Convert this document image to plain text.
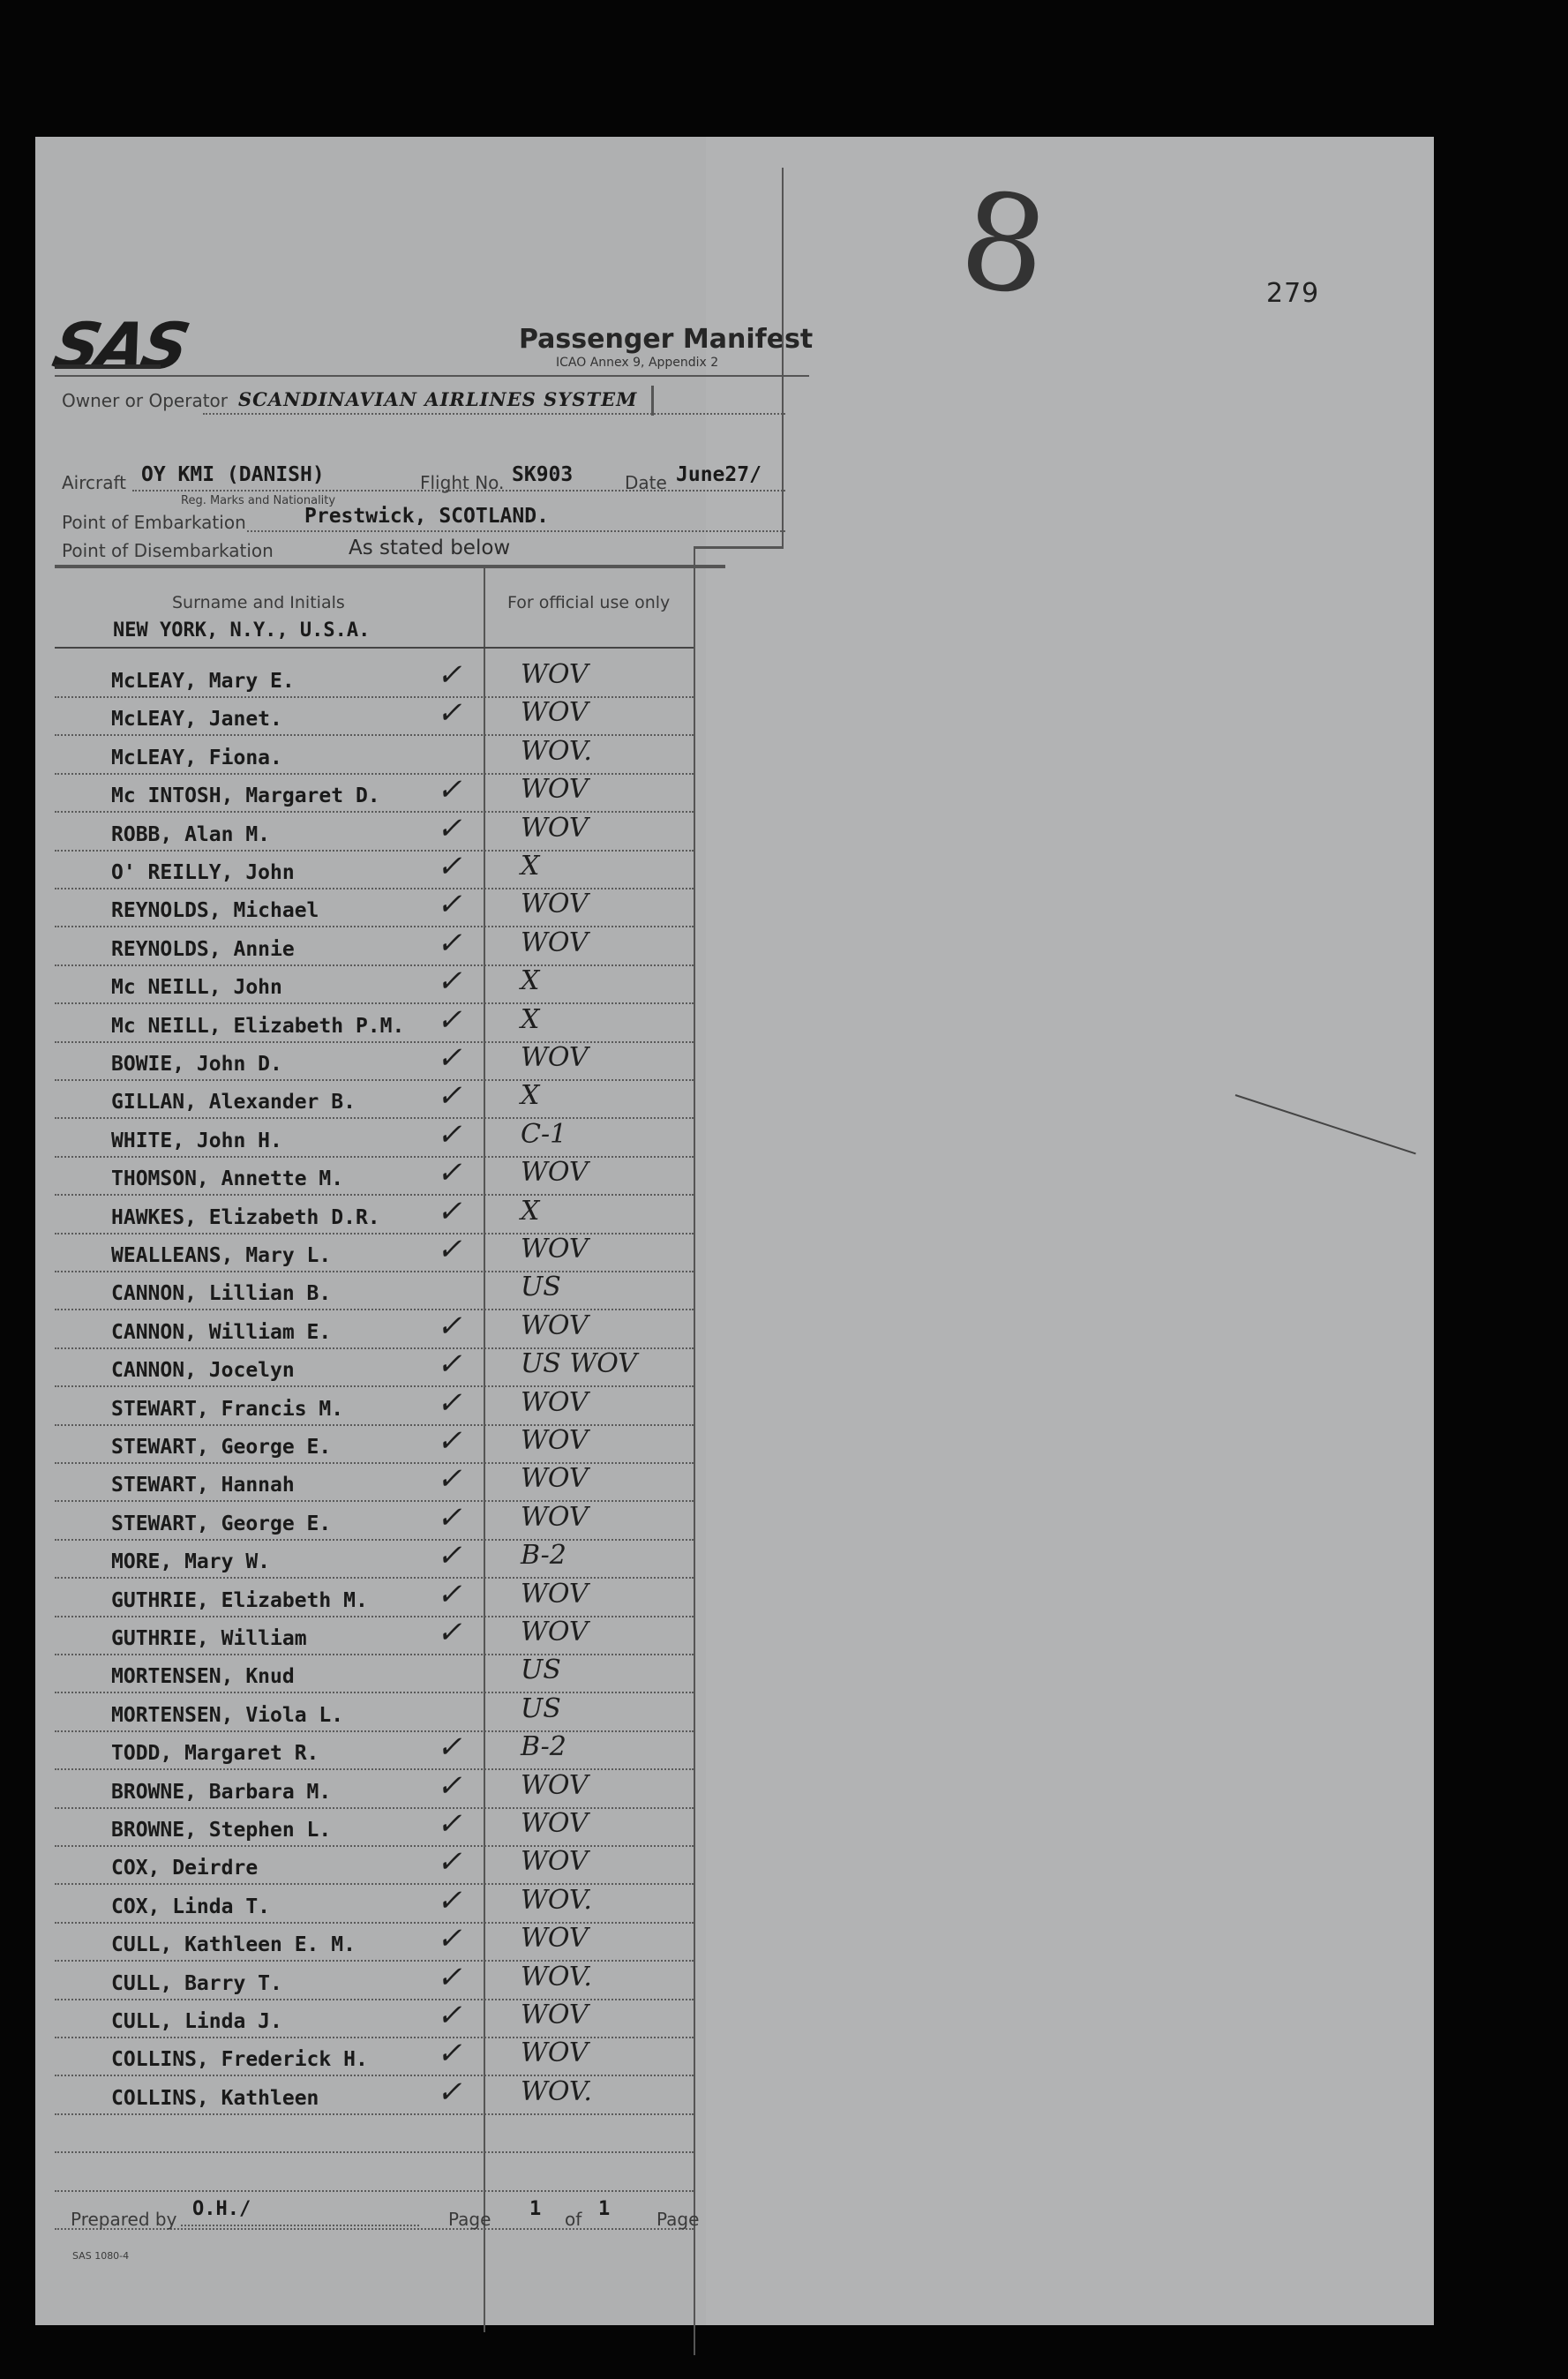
SAS	Passenger Manifest
ICAO Annex 9, Appendix 2
Owner or Operator SCANDINAVIAN AIRLINES SYSTEM
Aircraft OY KMI (DANISH)	Flight No. SK903	Date June27/
Reg. Marks and Nationality
Point of Embarkation	Prestwick, SCOTLAND.
Point of Disembarkation	As stated below
Surname and Initials	For official use only
NEW YORK, N.Y., U.S.A.
McLEAY, Mary E.	✓ WOV
McLEAY, Janet.	✓ WOV
McLEAY, Fiona.	WOV.
Mc INTOSH, Margaret D. ✓ WOV
ROBB, Alan M.	✓ WOV
O' REILLY, John	✓ X
REYNOLDS, Michael	✓ WOV
REYNOLDS, Annie	✓ WOV
Mc NEILL, John	✓ X
Mc NEILL, Elizabeth P.M. ✓ X
BOWIE, John D.	✓ WOV
GILLAN, Alexander B.	✓ X
WHITE, John H.	✓ C-1
THOMSON, Annette M.	✓ WOV
HAWKES, Elizabeth D.R. ✓ X
WEALLEANS, Mary L.	✓ WOV
CANNON, Lillian B.	US
CANNON, William E.	✓ WOV
CANNON, Jocelyn	✓ US WOV
STEWART, Francis M.	✓ WOV
STEWART, George E.	✓ WOV
STEWART, Hannah	✓ WOV
STEWART, George E.	✓ WOV
MORE, Mary W.	✓ B-2
GUTHRIE, Elizabeth M. ✓ WOV
GUTHRIE, William	✓ WOV
MORTENSEN, Knud	US
MORTENSEN, Viola L.	US
TODD, Margaret R.	✓ B-2
BROWNE, Barbara M.	✓ WOV
BROWNE, Stephen L.	✓ WOV
COX, Deirdre	✓ WOV
COX, Linda T.	✓ WOV.
CULL, Kathleen E. M.	✓ WOV
CULL, Barry T.	✓ WOV.
CULL, Linda J.	✓ WOV
COLLINS, Frederick H. ✓ WOV
COLLINS, Kathleen	✓ WOV.
Prepared by O.H./	Page 1 of 1	Page
SAS 1080-4
279
8
